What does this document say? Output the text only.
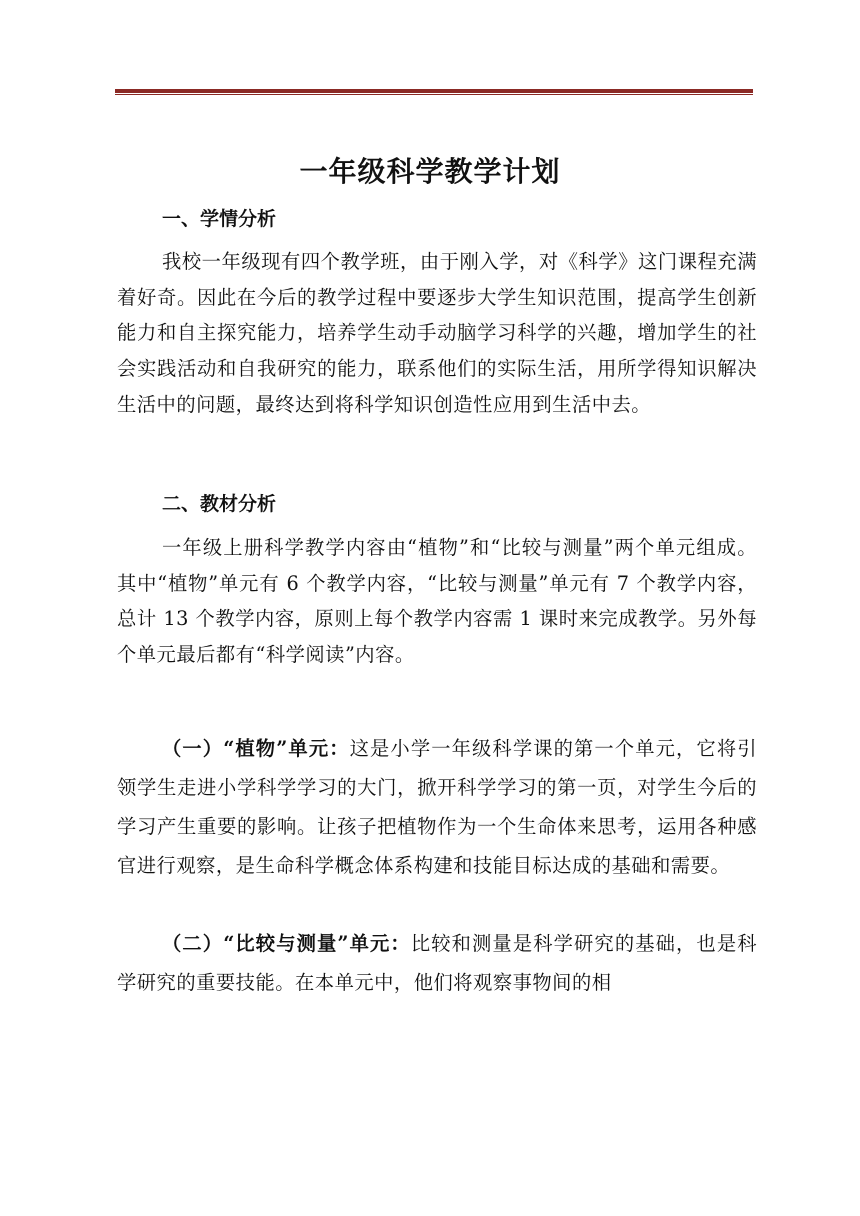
一年级科学教学计划
一、学情分析

我校一年级现有四个教学班，由于刚入学，对《科学》这门课程充满着好奇。因此在今后的教学过程中要逐步大学生知识范围，提高学生创新能力和自主探究能力，培养学生动手动脑学习科学的兴趣，增加学生的社会实践活动和自我研究的能力，联系他们的实际生活，用所学得知识解决生活中的问题，最终达到将科学知识创造性应用到生活中去。

二、教材分析

一年级上册科学教学内容由“植物”和“比较与测量”两个单元组成。其中“植物”单元有 6 个教学内容，“比较与测量”单元有 7 个教学内容，总计 13 个教学内容，原则上每个教学内容需 1 课时来完成教学。另外每个单元最后都有“科学阅读”内容。

（一）“植物”单元：这是小学一年级科学课的第一个单元，它将引领学生走进小学科学学习的大门，掀开科学学习的第一页，对学生今后的学习产生重要的影响。让孩子把植物作为一个生命体来思考，运用各种感官进行观察，是生命科学概念体系构建和技能目标达成的基础和需要。

（二）“比较与测量”单元：比较和测量是科学研究的基础，也是科学研究的重要技能。在本单元中，他们将观察事物间的相
